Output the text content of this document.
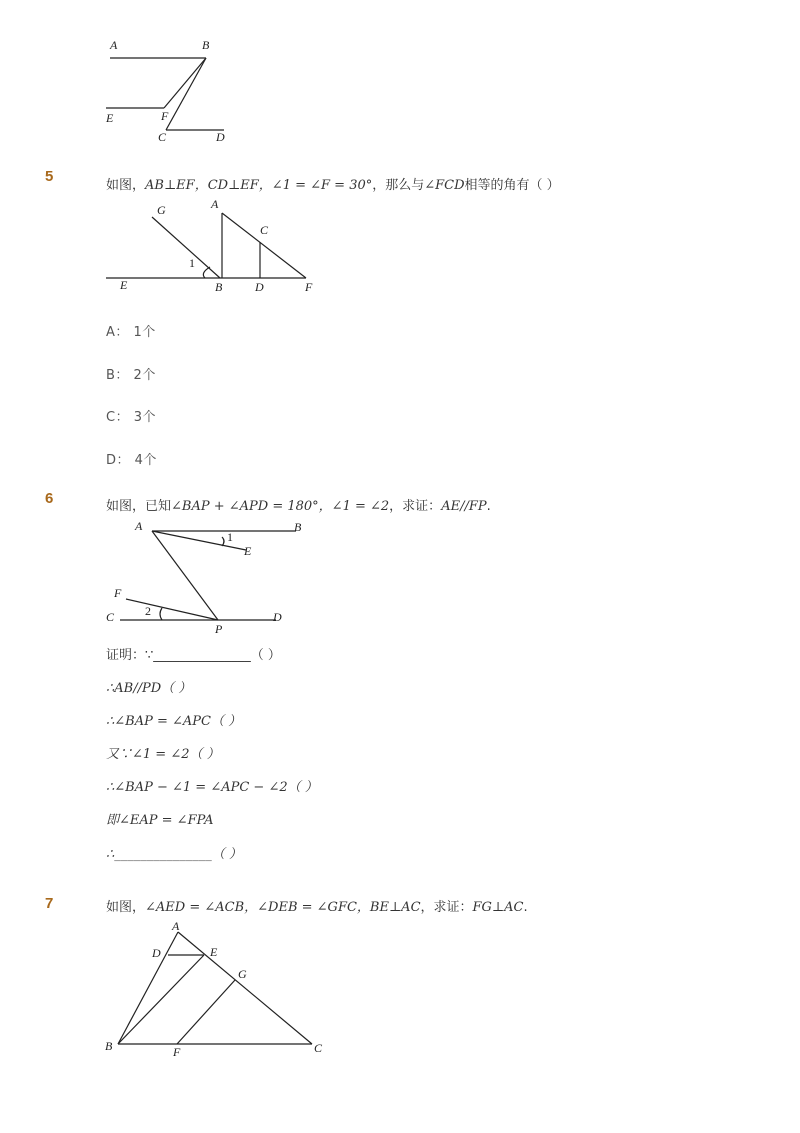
A	B
E	F
C	D
5
如图，AB⊥EF，CD⊥EF，∠1 = ∠F = 30°，那么与∠FCD相等的角有（ ）
G	A
C
1
E	B	D	F
A： 1个
B： 2个
C： 3个
D： 4个
6	如图，已知∠BAP + ∠APD = 180°，∠1 = ∠2，求证：AE//FP.
A	B
1
E
F
C	2
P
D
证明：∵_______________（ ）
∴AB//PD（ ）
∴∠BAP = ∠APC（ ）
又∵∠1 = ∠2（ ）
∴∠BAP − ∠1 = ∠APC − ∠2（ ）
即∠EAP = ∠FPA
∴_______________（ ）
7	如图，∠AED = ∠ACB，∠DEB = ∠GFC，BE⊥AC，求证：FG⊥AC.
A
D	E
G
B	F	C
